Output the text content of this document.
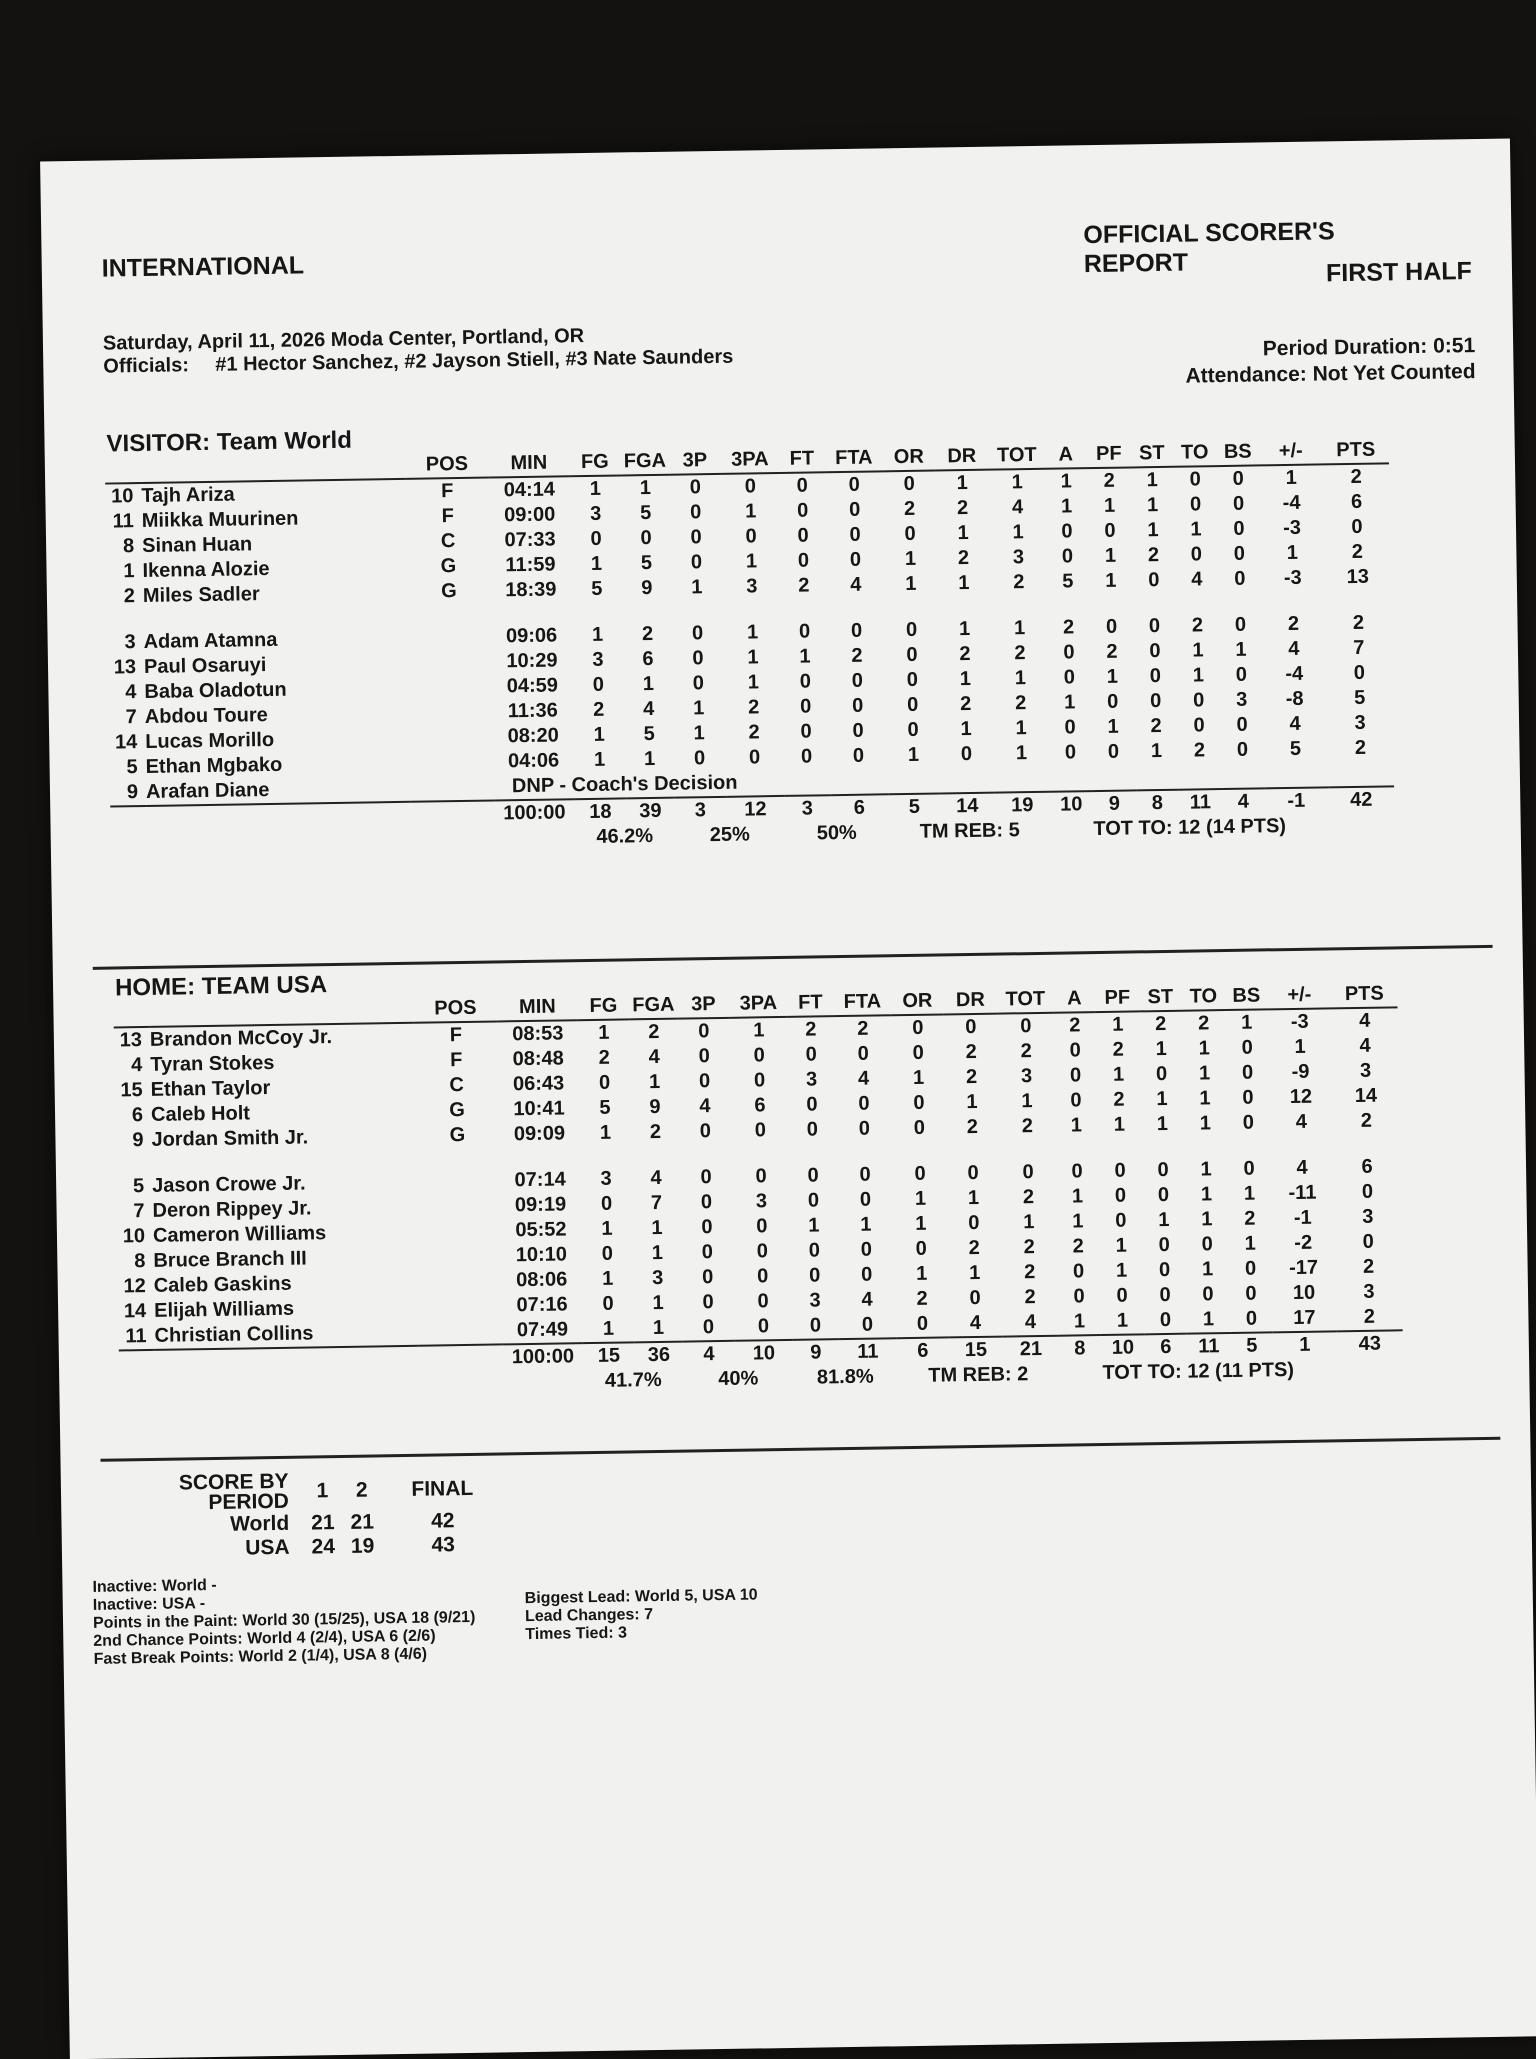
INTERNATIONAL
OFFICIAL SCORER'S
REPORT	FIRST HALF
Saturday, April 11, 2026 Moda Center, Portland, OR
Officials: #1 Hector Sanchez, #2 Jayson Stiell, #3 Nate Saunders	Period Duration: 0:51
Attendance: Not Yet Counted
VISITOR: Team World
		POS	MIN	FG	FGA	3P	3PA	FT	FTA	OR	DR	TOT	A	PF	ST	TO	BS	+/-	PTS
10	Tajh Ariza	F	04:14	1	1	0	0	0	0	0	1	1	1	2	1	0	0	1	2
11	Miikka Muurinen	F	09:00	3	5	0	1	0	0	2	2	4	1	1	1	0	0	-4	6
8	Sinan Huan	C	07:33	0	0	0	0	0	0	0	1	1	0	0	1	1	0	-3	0
1	Ikenna Alozie	G	11:59	1	5	0	1	0	0	1	2	3	0	1	2	0	0	1	2
2	Miles Sadler	G	18:39	5	9	1	3	2	4	1	1	2	5	1	0	4	0	-3	13

3	Adam Atamna		09:06	1	2	0	1	0	0	0	1	1	2	0	0	2	0	2	2
13	Paul Osaruyi		10:29	3	6	0	1	1	2	0	2	2	0	2	0	1	1	4	7
4	Baba Oladotun		04:59	0	1	0	1	0	0	0	1	1	0	1	0	1	0	-4	0
7	Abdou Toure		11:36	2	4	1	2	0	0	0	2	2	1	0	0	0	3	-8	5
14	Lucas Morillo		08:20	1	5	1	2	0	0	0	1	1	0	1	2	0	0	4	3
5	Ethan Mgbako		04:06	1	1	0	0	0	0	1	0	1	0	0	1	2	0	5	2
9	Arafan Diane		DNP - Coach's Decision																
			100:00	18	39	3	12	3	6	5	14	19	10	9	8	11	4	-1	42
				46.2%		25%		50%		TM REB: 5			TOT TO: 12 (14 PTS)						
HOME: TEAM USA
		POS	MIN	FG	FGA	3P	3PA	FT	FTA	OR	DR	TOT	A	PF	ST	TO	BS	+/-	PTS
13	Brandon McCoy Jr.	F	08:53	1	2	0	1	2	2	0	0	0	2	1	2	2	1	-3	4
4	Tyran Stokes	F	08:48	2	4	0	0	0	0	0	2	2	0	2	1	1	0	1	4
15	Ethan Taylor	C	06:43	0	1	0	0	3	4	1	2	3	0	1	0	1	0	-9	3
6	Caleb Holt	G	10:41	5	9	4	6	0	0	0	1	1	0	2	1	1	0	12	14
9	Jordan Smith Jr.	G	09:09	1	2	0	0	0	0	0	2	2	1	1	1	1	0	4	2

5	Jason Crowe Jr.		07:14	3	4	0	0	0	0	0	0	0	0	0	0	1	0	4	6
7	Deron Rippey Jr.		09:19	0	7	0	3	0	0	1	1	2	1	0	0	1	1	-11	0
10	Cameron Williams		05:52	1	1	0	0	1	1	1	0	1	1	0	1	1	2	-1	3
8	Bruce Branch III		10:10	0	1	0	0	0	0	0	2	2	2	1	0	0	1	-2	0
12	Caleb Gaskins		08:06	1	3	0	0	0	0	1	1	2	0	1	0	1	0	-17	2
14	Elijah Williams		07:16	0	1	0	0	3	4	2	0	2	0	0	0	0	0	10	3
11	Christian Collins		07:49	1	1	0	0	0	0	0	4	4	1	1	0	1	0	17	2
			100:00	15	36	4	10	9	11	6	15	21	8	10	6	11	5	1	43
				41.7%		40%		81.8%		TM REB: 2			TOT TO: 12 (11 PTS)						
SCORE BY
PERIOD	1	2	FINAL
World	21	21	42
USA	24	19	43
Inactive: World -
Inactive: USA -
Points in the Paint: World 30 (15/25), USA 18 (9/21)
2nd Chance Points: World 4 (2/4), USA 6 (2/6)
Fast Break Points: World 2 (1/4), USA 8 (4/6)
Biggest Lead: World 5, USA 10
Lead Changes: 7
Times Tied: 3
